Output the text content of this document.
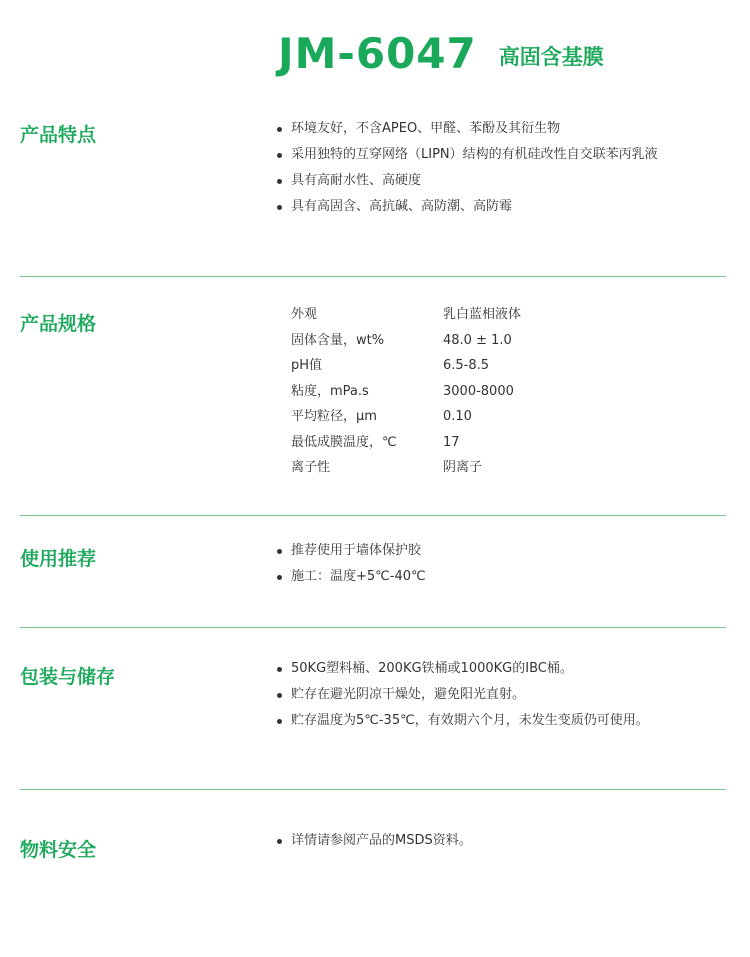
JM-6047 高固含基膜
产品特点	环境友好，不含APEO、甲醛、苯酚及其衍生物
采用独特的互穿网络（LIPN）结构的有机硅改性自交联苯丙乳液
具有高耐水性、高硬度
具有高固含、高抗碱、高防潮、高防霉
产品规格	外观	乳白蓝相液体
固体含量，wt%	48.0 ± 1.0
pH值	6.5-8.5
粘度，mPa.s	3000-8000
平均粒径，μm	0.10
最低成膜温度，℃	17
离子性	阴离子
使用推荐	推荐使用于墙体保护胶
施工：温度+5℃-40℃
包装与储存	50KG塑料桶、200KG铁桶或1000KG的IBC桶。
贮存在避光阴凉干燥处，避免阳光直射。
贮存温度为5℃-35℃，有效期六个月，未发生变质仍可使用。
物料安全	详情请参阅产品的MSDS资料。
